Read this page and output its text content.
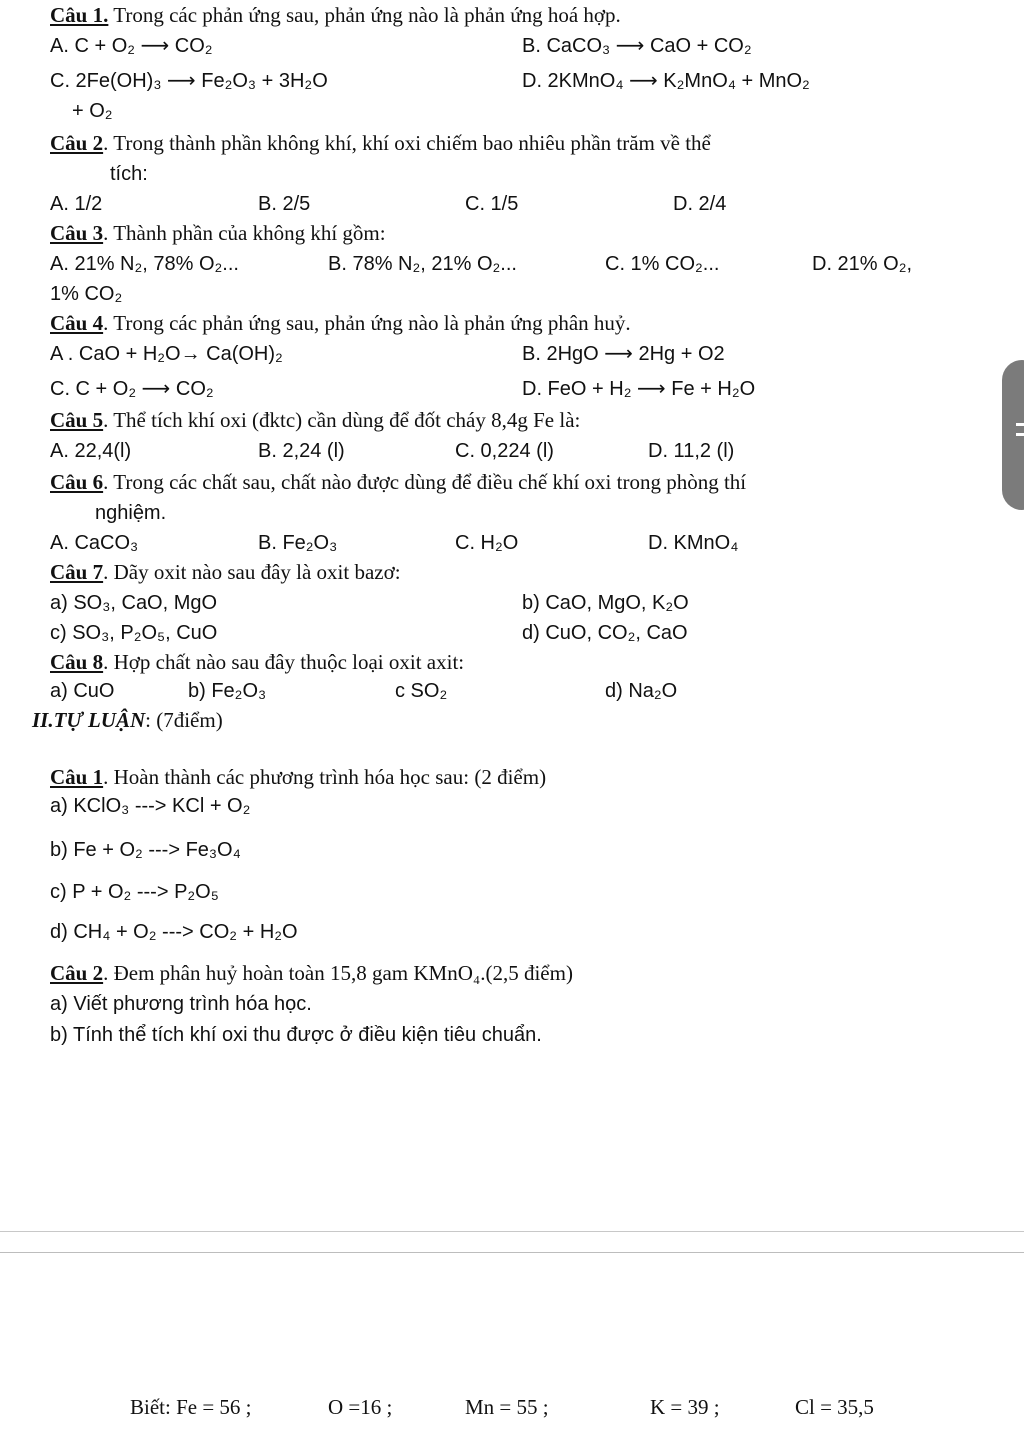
Câu 1. Trong các phản ứng sau, phản ứng nào là phản ứng hoá hợp.
A. C + O₂ ⟶ CO₂	B. CaCO₃ ⟶ CaO + CO₂
C. 2Fe(OH)₃ ⟶ Fe₂O₃ + 3H₂O	D. 2KMnO₄ ⟶ K₂MnO₄ + MnO₂
+ O₂
Câu 2. Trong thành phần không khí, khí oxi chiếm bao nhiêu phần trăm về thể
tích:
A. 1/2	B. 2/5	C. 1/5	D. 2/4
Câu 3. Thành phần của không khí gồm:
A. 21% N₂, 78% O₂...	B. 78% N₂, 21% O₂...	C. 1% CO₂...	D. 21% O₂,
1% CO₂
Câu 4. Trong các phản ứng sau, phản ứng nào là phản ứng phân huỷ.
A . CaO + H₂O→ Ca(OH)₂	B. 2HgO ⟶ 2Hg + O2
C. C + O₂ ⟶ CO₂	D. FeO + H₂ ⟶ Fe + H₂O
Câu 5. Thể tích khí oxi (đktc) cần dùng để đốt cháy 8,4g Fe là:
A. 22,4(l)	B. 2,24 (l)	C. 0,224 (l)	D. 11,2 (l)
Câu 6. Trong các chất sau, chất nào được dùng để điều chế khí oxi trong phòng thí
nghiệm.
A. CaCO₃	B. Fe₂O₃	C. H₂O	D. KMnO₄
Câu 7. Dãy oxit nào sau đây là oxit bazơ:
a) SO₃, CaO, MgO	b) CaO, MgO, K₂O
c) SO₃, P₂O₅, CuO	d) CuO, CO₂, CaO
Câu 8. Hợp chất nào sau đây thuộc loại oxit axit:
a) CuO	b) Fe₂O₃	c SO₂	d) Na₂O
II.TỰ LUẬN: (7điểm)
Câu 1. Hoàn thành các phương trình hóa học sau: (2 điểm)
a) KClO₃ ---> KCl + O₂
b) Fe + O₂ ---> Fe₃O₄
c) P + O₂ ---> P₂O₅
d) CH₄ + O₂ ---> CO₂ + H₂O
Câu 2. Đem phân huỷ hoàn toàn 15,8 gam KMnO₄.(2,5 điểm)
a) Viết phương trình hóa học.
b) Tính thể tích khí oxi thu được ở điều kiện tiêu chuẩn.
Biết: Fe = 56 ;	O =16 ;	Mn = 55 ;	K = 39 ;	Cl = 35,5
